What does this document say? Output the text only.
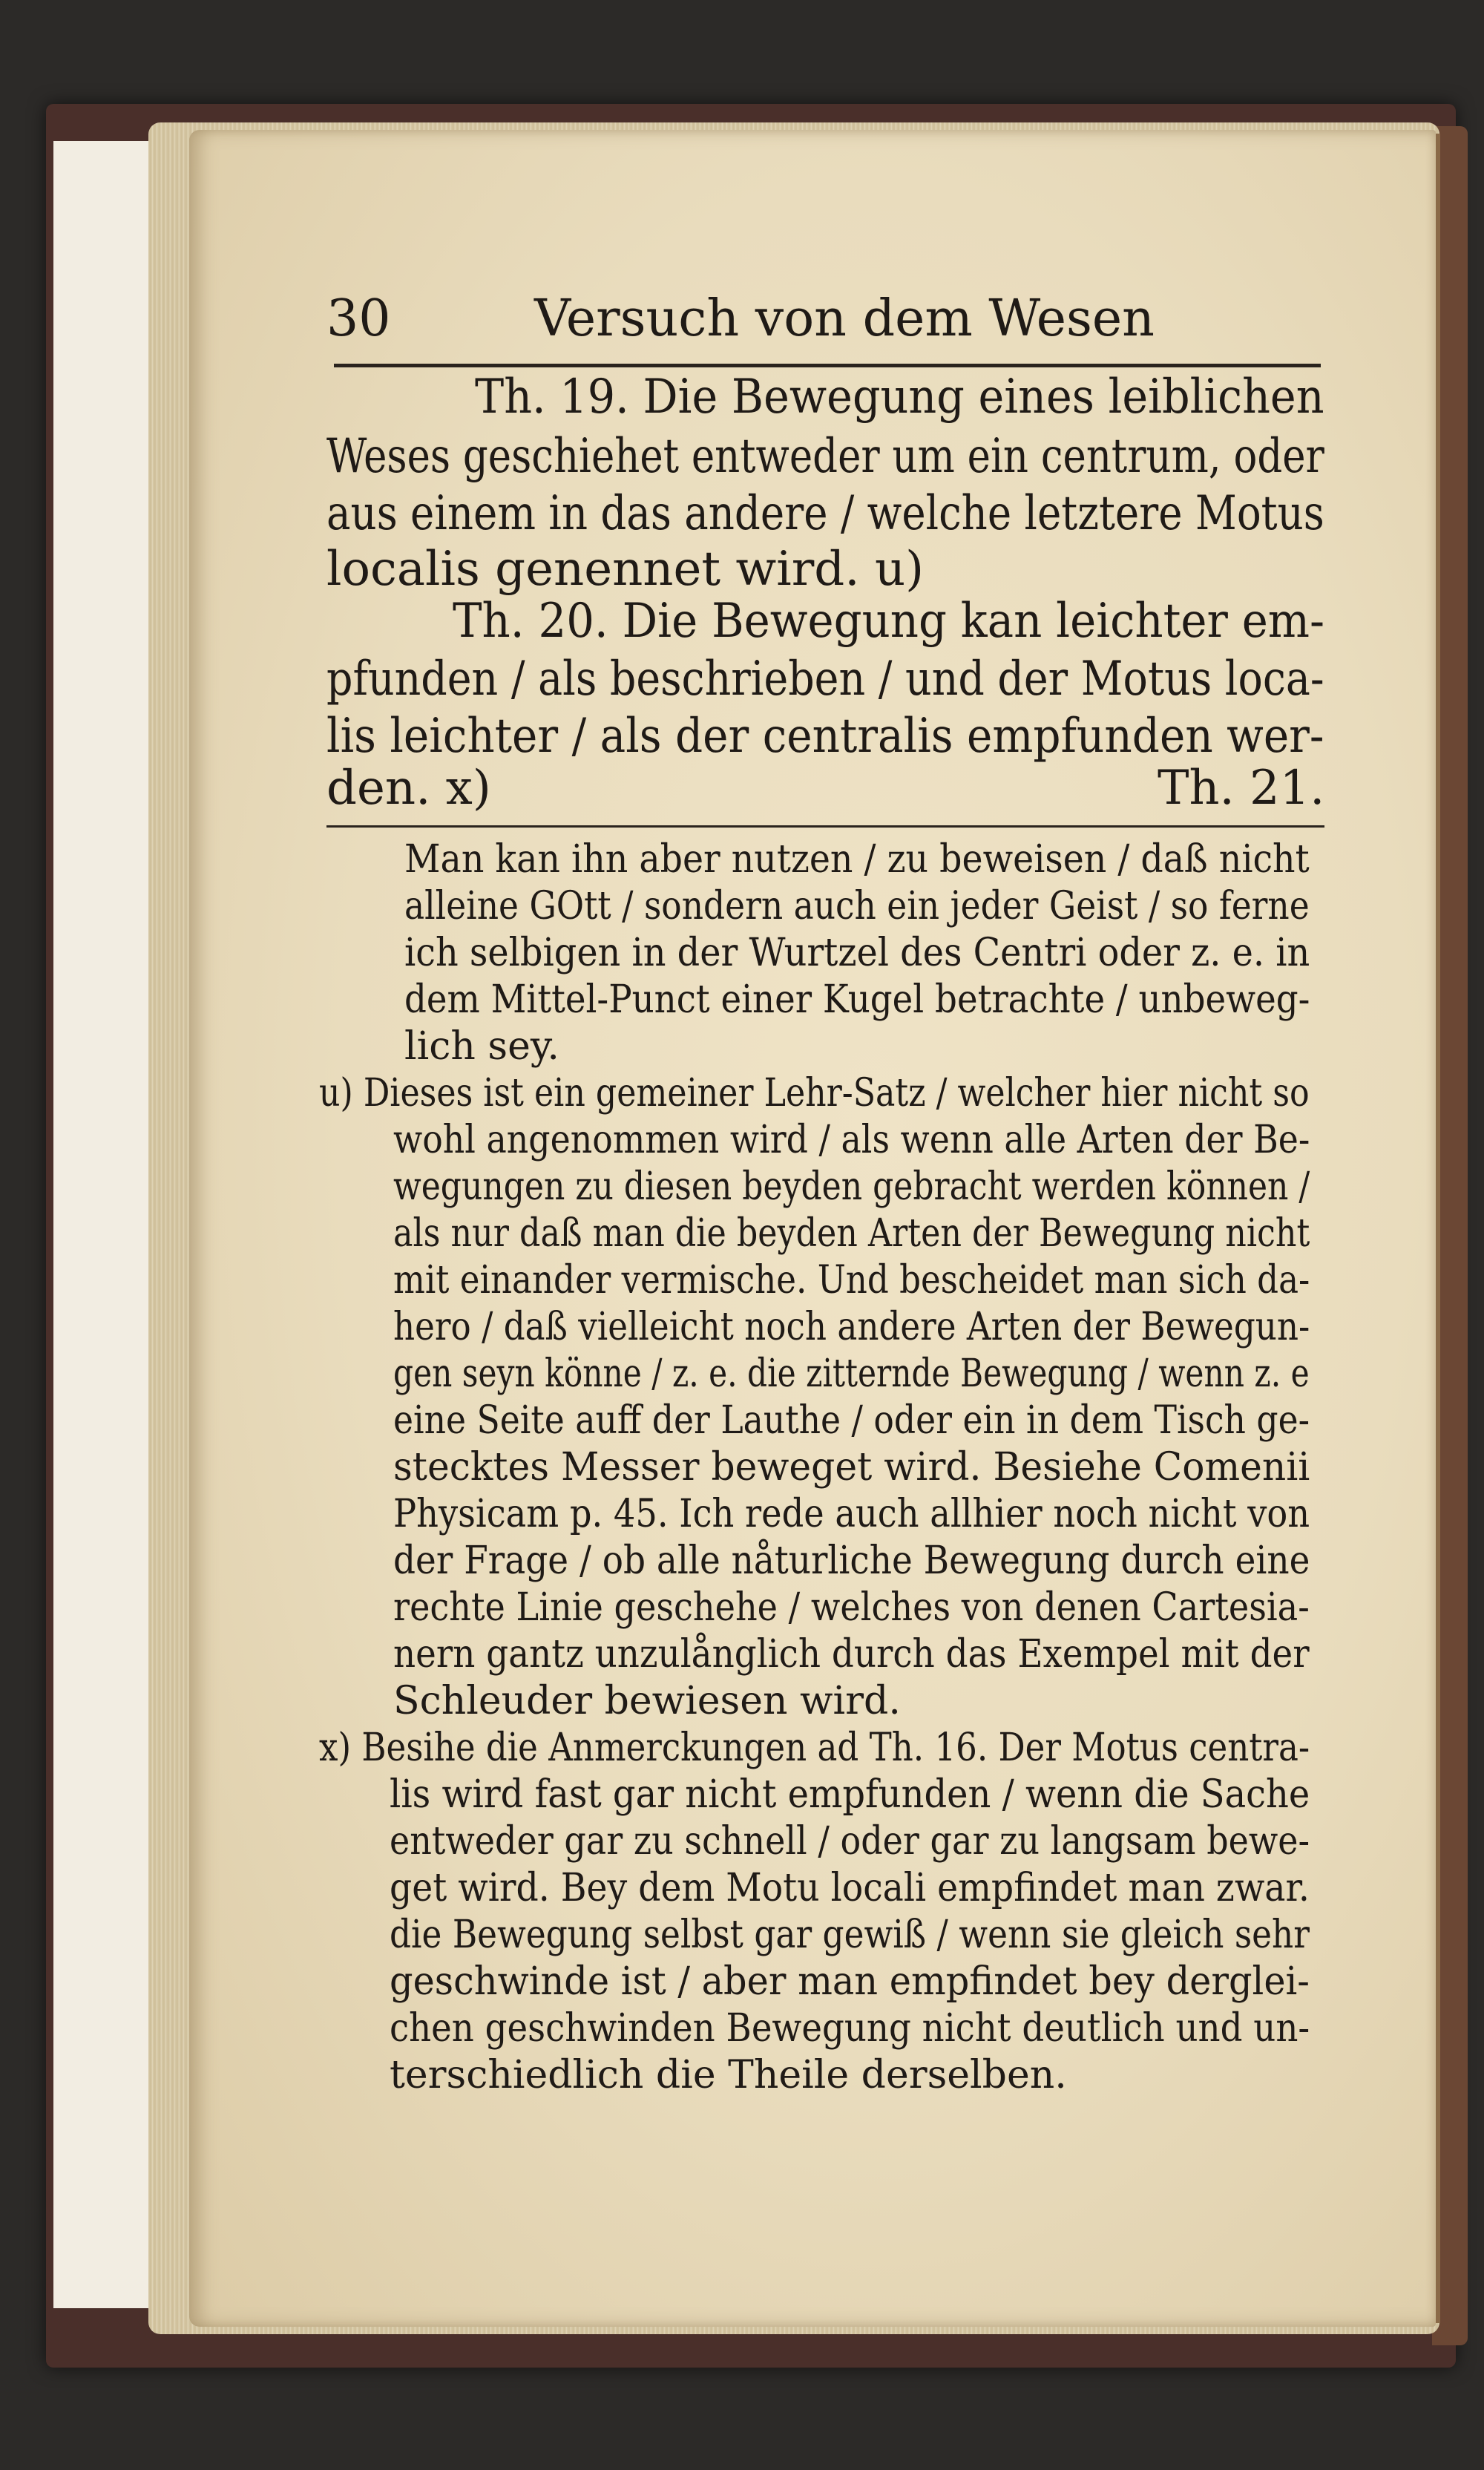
30	Versuch von dem Wesen
Th. 19. Die Bewegung eines leiblichen
Weses geschiehet entweder um ein centrum, oder
aus einem in das andere / welche letztere Motus
localis genennet wird. u)
Th. 20. Die Bewegung kan leichter em-
pfunden / als beschrieben / und der Motus loca-
lis leichter / als der centralis empfunden wer-
den. x)	Th. 21.
Man kan ihn aber nutzen / zu beweisen / daß nicht
alleine GOtt / sondern auch ein jeder Geist / so ferne
ich selbigen in der Wurtzel des Centri oder z. e. in
dem Mittel-Punct einer Kugel betrachte / unbeweg-
lich sey.
u) Dieses ist ein gemeiner Lehr-Satz / welcher hier nicht so
wohl angenommen wird / als wenn alle Arten der Be-
wegungen zu diesen beyden gebracht werden können /
als nur daß man die beyden Arten der Bewegung nicht
mit einander vermische. Und bescheidet man sich da-
hero / daß vielleicht noch andere Arten der Bewegun-
gen seyn könne / z. e. die zitternde Bewegung / wenn z. e
eine Seite auff der Lauthe / oder ein in dem Tisch ge-
stecktes Messer beweget wird. Besiehe Comenii
Physicam p. 45. Ich rede auch allhier noch nicht von
der Frage / ob alle nåturliche Bewegung durch eine
rechte Linie geschehe / welches von denen Cartesia-
nern gantz unzulånglich durch das Exempel mit der
Schleuder bewiesen wird.
x) Besihe die Anmerckungen ad Th. 16. Der Motus centra-
lis wird fast gar nicht empfunden / wenn die Sache
entweder gar zu schnell / oder gar zu langsam bewe-
get wird. Bey dem Motu locali empfindet man zwar.
die Bewegung selbst gar gewiß / wenn sie gleich sehr
geschwinde ist / aber man empfindet bey derglei-
chen geschwinden Bewegung nicht deutlich und un-
terschiedlich die Theile derselben.
